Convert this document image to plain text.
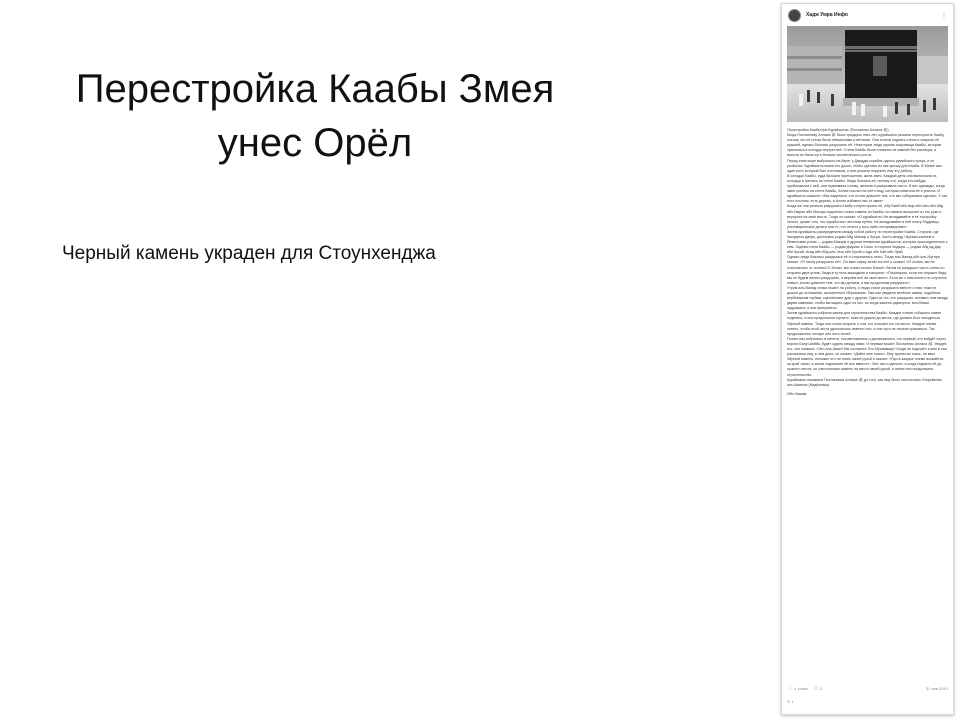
Перестройка Каабы Змея
унес Орёл
Черный камень украден для Стоунхенджа
Хадж Умра Инфо	⋮

Перестройка Каабы при Курайшитах (Посланник Аллаха ﷺ)

Когда Посланнику Аллаха ﷺ было тридцать пять лет, курайшиты решили перестроить Каабу, потому что её стены были невысокими и ветхими. Они хотели поднять стены и покрыть её крышей, однако боялись разрушать её. Некоторые люди украли сокровища Каабы, которые хранились в колодце внутри неё. Стены Каабы были сложены из камней без раствора, и высота их была чуть больше человеческого роста.

Перед этим море выбросило на берег у Джидды корабль одного румийского купца, и он разбился. Курайшиты взяли его доски, чтобы сделать из них крышу для Каабы. В Мекке жил один копт, который был плотником, и они решили поручить ему эту работу.

В колодце Каабы, куда бросали приношения, жила змея. Каждый день она выползала из колодца и грелась на стене Каабы. Люди боялись её, потому что, когда кто-нибудь приближался к ней, она поднимала голову, шипела и раскрывала пасть. И вот однажды, когда змея грелась на стене Каабы, Аллах послал на неё птицу, которая схватила её и унесла. И курайшиты сказали: «Мы надеемся, что Аллах доволен тем, что мы собираемся сделать. У нас есть плотник, есть дерево, и Аллах избавил нас от змеи».

Когда же они решили разрушить Каабу и перестроить её, Абу Вахб ибн Амр ибн Аиз ибн Абд ибн Имран ибн Махзум поднялся и взял камень из Каабы, но камень выскочил из его руки и вернулся на своё место. Тогда он сказал: «О курайшиты! Не вкладывайте в её постройку ничего, кроме того, что заработано честным путём. Не вкладывайте в неё плату блудницы, ростовщические деньги или то, что отнято у кого-либо несправедливо».

Затем курайшиты распределили между собой работу по перестройке Каабы. Сторона, где находится дверь, досталась родам Абд Манаф и Зухра. Часть между Чёрным камнем и Йеменским углом — родам Махзум и другим племенам курайшитов, которые присоединились к ним. Задняя стена Каабы — родам Джумах и Сахм, а сторона Хиджра — родам Абд ад-Дар ибн Кусай, Асад ибн Абд аль-Узза ибн Кусай и Ади ибн Каб ибн Луай.

Однако люди боялись разрушать её и сторонились этого. Тогда аль-Валид ибн аль-Мугира сказал: «Я начну разрушать её». Он взял кирку, встал на неё и сказал: «О Аллах, мы не отклонились от истины! О Аллах, мы хотим только блага!» Затем он разрушил часть стены со стороны двух углов. Люди в ту ночь выжидали и говорили: «Посмотрим, если его поразит беда, мы не будем ничего разрушать, а вернём всё на своё место. Если же с ним ничего не случится, значит, Аллах доволен тем, что мы делаем, и мы продолжим разрушать».

Утром аль-Валид снова пошёл на работу, и люди стали разрушать вместе с ним, пока не дошли до основания, заложенного Ибрахимом. Там они увидели зелёные камни, подобные верблюжьим горбам, сцепленные друг с другом. Один из тех, кто разрушал, вставил лом между двумя камнями, чтобы вытащить один из них, но когда камень сдвинулся, вся Мекка задрожала, и они прекратили.

Затем курайшиты собрали камни для строительства Каабы. Каждое племя собирало камни отдельно, и они продолжали строить, пока не дошли до места, где должен был находиться Чёрный камень. Тогда они стали спорить о том, кто положит его на место. Каждое племя хотело, чтобы этой чести удостоилось именно оно, и они чуть не начали сражаться. Так продолжалось четыре или пять ночей.

Потом они собрались в мечети, посоветовались и договорились, что первый, кто войдёт через ворота Бану Шейба, будет судить между ними. И первым вошёл Посланник Аллаха ﷺ. Увидев его, они сказали: «Это аль-Амин! Мы согласны! Это Мухаммад!» Когда он подошёл к ним и они рассказали ему, в чём дело, он сказал: «Дайте мне ткань». Ему принесли ткань, он взял Чёрный камень, положил его на ткань своей рукой и сказал: «Пусть каждое племя возьмётся за край ткани, а затем поднимите её все вместе». Они так и сделали, а когда подняли её до нужного места, он сам положил камень на место своей рукой, а затем они продолжили строительство.

Курайшиты называли Посланника Аллаха ﷺ до того, как ему было ниспослано Откровение, аль-Амином (Надёжным).

Ибн Хишам
♡ 4 класс □ 3	31 янв 2014
↻ 1
